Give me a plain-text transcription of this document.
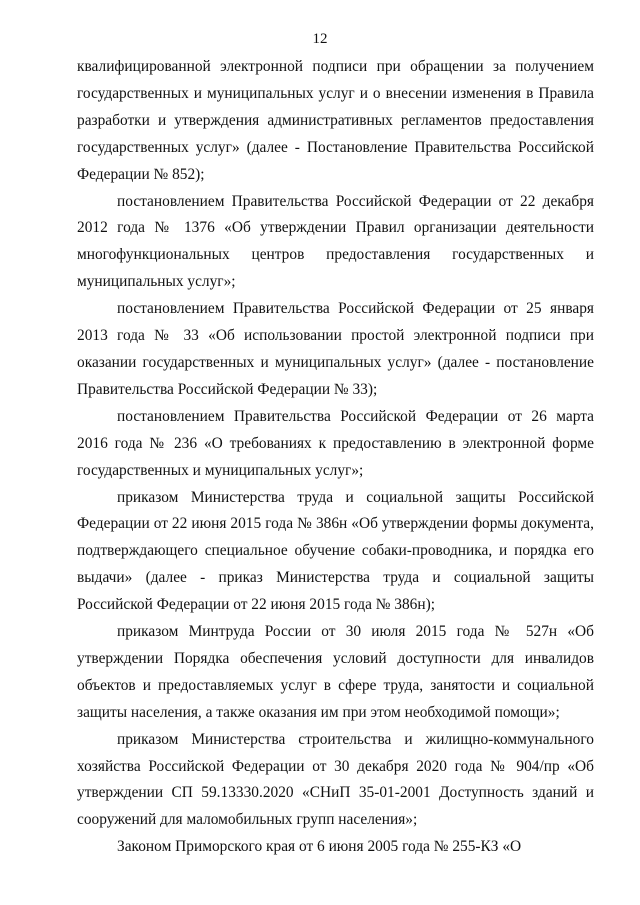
12

квалифицированной электронной подписи при обращении за получением государственных и муниципальных услуг и о внесении изменения в Правила разработки и утверждения административных регламентов предоставления государственных услуг» (далее - Постановление Правительства Российской Федерации № 852);

постановлением Правительства Российской Федерации от 22 декабря 2012 года № 1376 «Об утверждении Правил организации деятельности многофункциональных центров предоставления государственных и муниципальных услуг»;

постановлением Правительства Российской Федерации от 25 января 2013 года № 33 «Об использовании простой электронной подписи при оказании государственных и муниципальных услуг» (далее - постановление Правительства Российской Федерации № 33);

постановлением Правительства Российской Федерации от 26 марта 2016 года № 236 «О требованиях к предоставлению в электронной форме государственных и муниципальных услуг»;

приказом Министерства труда и социальной защиты Российской Федерации от 22 июня 2015 года № 386н «Об утверждении формы документа, подтверждающего специальное обучение собаки-проводника, и порядка его выдачи» (далее - приказ Министерства труда и социальной защиты Российской Федерации от 22 июня 2015 года № 386н);

приказом Минтруда России от 30 июля 2015 года № 527н «Об утверждении Порядка обеспечения условий доступности для инвалидов объектов и предоставляемых услуг в сфере труда, занятости и социальной защиты населения, а также оказания им при этом необходимой помощи»;

приказом Министерства строительства и жилищно-коммунального хозяйства Российской Федерации от 30 декабря 2020 года № 904/пр «Об утверждении СП 59.13330.2020 «СНиП 35-01-2001 Доступность зданий и сооружений для маломобильных групп населения»;

Законом Приморского края от 6 июня 2005 года № 255-КЗ «О
